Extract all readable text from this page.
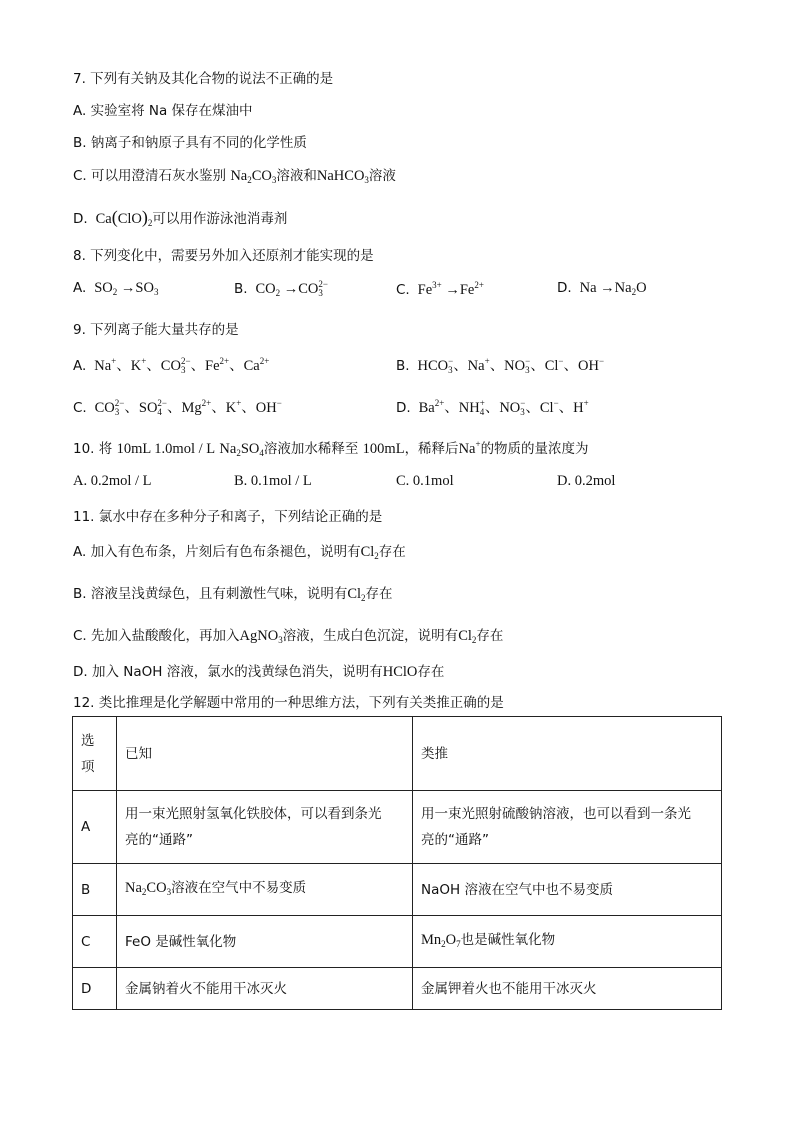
7. 下列有关钠及其化合物的说法不正确的是
A. 实验室将 Na 保存在煤油中
B. 钠离子和钠原子具有不同的化学性质
C. 可以用澄清石灰水鉴别 $Na_2CO_3$溶液和NaHCO$_3$溶液
D.  $Ca(ClO)_2$可以用作游泳池消毒剂
8. 下列变化中，需要另外加入还原剂才能实现的是
A.  $SO_2 \to SO_3$	B.  $CO_2 \to CO2-$
3	C.  $Fe^{3+} \to Fe^{2+}$	D.  $Na \to Na_2O$
9. 下列离子能大量共存的是
A.  Na+、K+、CO2−
3 、$Fe^{2+}$、$Ca^{2+}$	B.  HCO−
3、Na+、NO−
3、Cl−、OH−
C.  CO2−
3 、SO2−
4 、$Mg^{2+}$、K+、OH−	D.  $Ba^{2+}$、NH+
4、NO−
3、Cl−、H+
10. 将 10mL 1.0mol / L $Na_2SO_4$溶液加水稀释至 100mL，稀释后Na+的物质的量浓度为
A. 0.2mol / L	B. 0.1mol / L	C. 0.1mol	D. 0.2mol
11. 氯水中存在多种分子和离子，下列结论正确的是
A. 加入有色布条，片刻后有色布条褪色，说明有$Cl_2$存在
B. 溶液呈浅黄绿色，且有刺激性气味，说明有$Cl_2$存在
C. 先加入盐酸酸化，再加入AgNO$_3$溶液，生成白色沉淀，说明有$Cl_2$存在
D. 加入 NaOH 溶液，氯水的浅黄绿色消失，说明有HClO存在
12. 类比推理是化学解题中常用的一种思维方法，下列有关类推正确的是
选
项	已知	类推
A	用一束光照射氢氧化铁胶体，可以看到条光
亮的“通路”	用一束光照射硫酸钠溶液，也可以看到一条光
亮的“通路”
B	$Na_2CO_3$溶液在空气中不易变质	NaOH 溶液在空气中也不易变质
C	FeO 是碱性氧化物	$Mn_2O_7$也是碱性氧化物
D	金属钠着火不能用干冰灭火	金属钾着火也不能用干冰灭火
